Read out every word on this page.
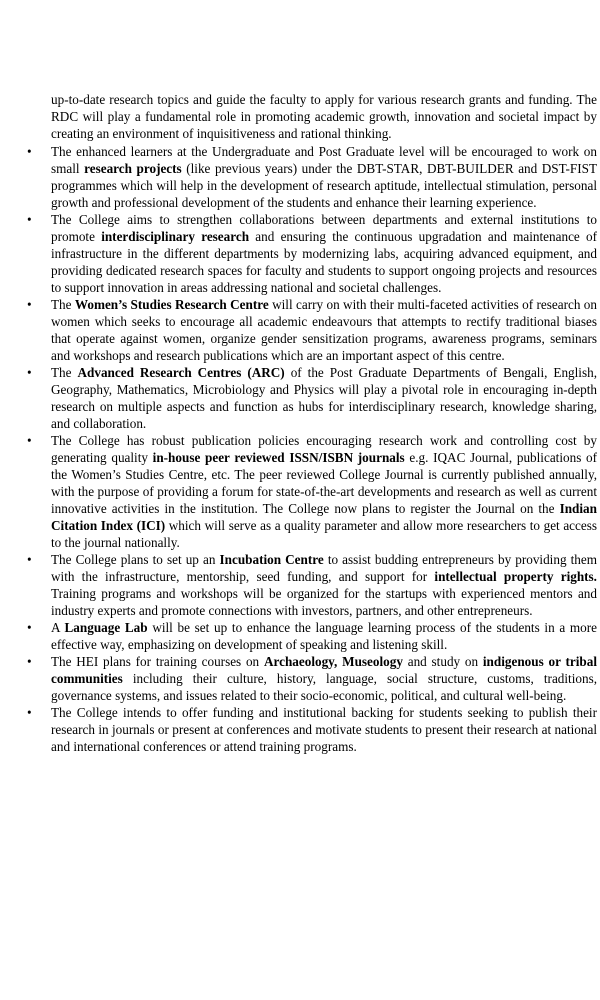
up-to-date research topics and guide the faculty to apply for various research grants and funding. The RDC will play a fundamental role in promoting academic growth, innovation and societal impact by creating an environment of inquisitiveness and rational thinking.

• The enhanced learners at the Undergraduate and Post Graduate level will be encouraged to work on small research projects (like previous years) under the DBT-STAR, DBT-BUILDER and DST-FIST programmes which will help in the development of research aptitude, intellectual stimulation, personal growth and professional development of the students and enhance their learning experience.
• The College aims to strengthen collaborations between departments and external institutions to promote interdisciplinary research and ensuring the continuous upgradation and maintenance of infrastructure in the different departments by modernizing labs, acquiring advanced equipment, and providing dedicated research spaces for faculty and students to support ongoing projects and resources to support innovation in areas addressing national and societal challenges.
• The Women’s Studies Research Centre will carry on with their multi-faceted activities of research on women which seeks to encourage all academic endeavours that attempts to rectify traditional biases that operate against women, organize gender sensitization programs, awareness programs, seminars and workshops and research publications which are an important aspect of this centre.
• The Advanced Research Centres (ARC) of the Post Graduate Departments of Bengali, English, Geography, Mathematics, Microbiology and Physics will play a pivotal role in encouraging in-depth research on multiple aspects and function as hubs for interdisciplinary research, knowledge sharing, and collaboration.
• The College has robust publication policies encouraging research work and controlling cost by generating quality in-house peer reviewed ISSN/ISBN journals e.g. IQAC Journal, publications of the Women’s Studies Centre, etc. The peer reviewed College Journal is currently published annually, with the purpose of providing a forum for state-of-the-art developments and research as well as current innovative activities in the institution. The College now plans to register the Journal on the Indian Citation Index (ICI) which will serve as a quality parameter and allow more researchers to get access to the journal nationally.
• The College plans to set up an Incubation Centre to assist budding entrepreneurs by providing them with the infrastructure, mentorship, seed funding, and support for intellectual property rights. Training programs and workshops will be organized for the startups with experienced mentors and industry experts and promote connections with investors, partners, and other entrepreneurs.
• A Language Lab will be set up to enhance the language learning process of the students in a more effective way, emphasizing on development of speaking and listening skill.
• The HEI plans for training courses on Archaeology, Museology and study on indigenous or tribal communities including their culture, history, language, social structure, customs, traditions, governance systems, and issues related to their socio-economic, political, and cultural well-being.
• The College intends to offer funding and institutional backing for students seeking to publish their research in journals or present at conferences and motivate students to present their research at national and international conferences or attend training programs.
